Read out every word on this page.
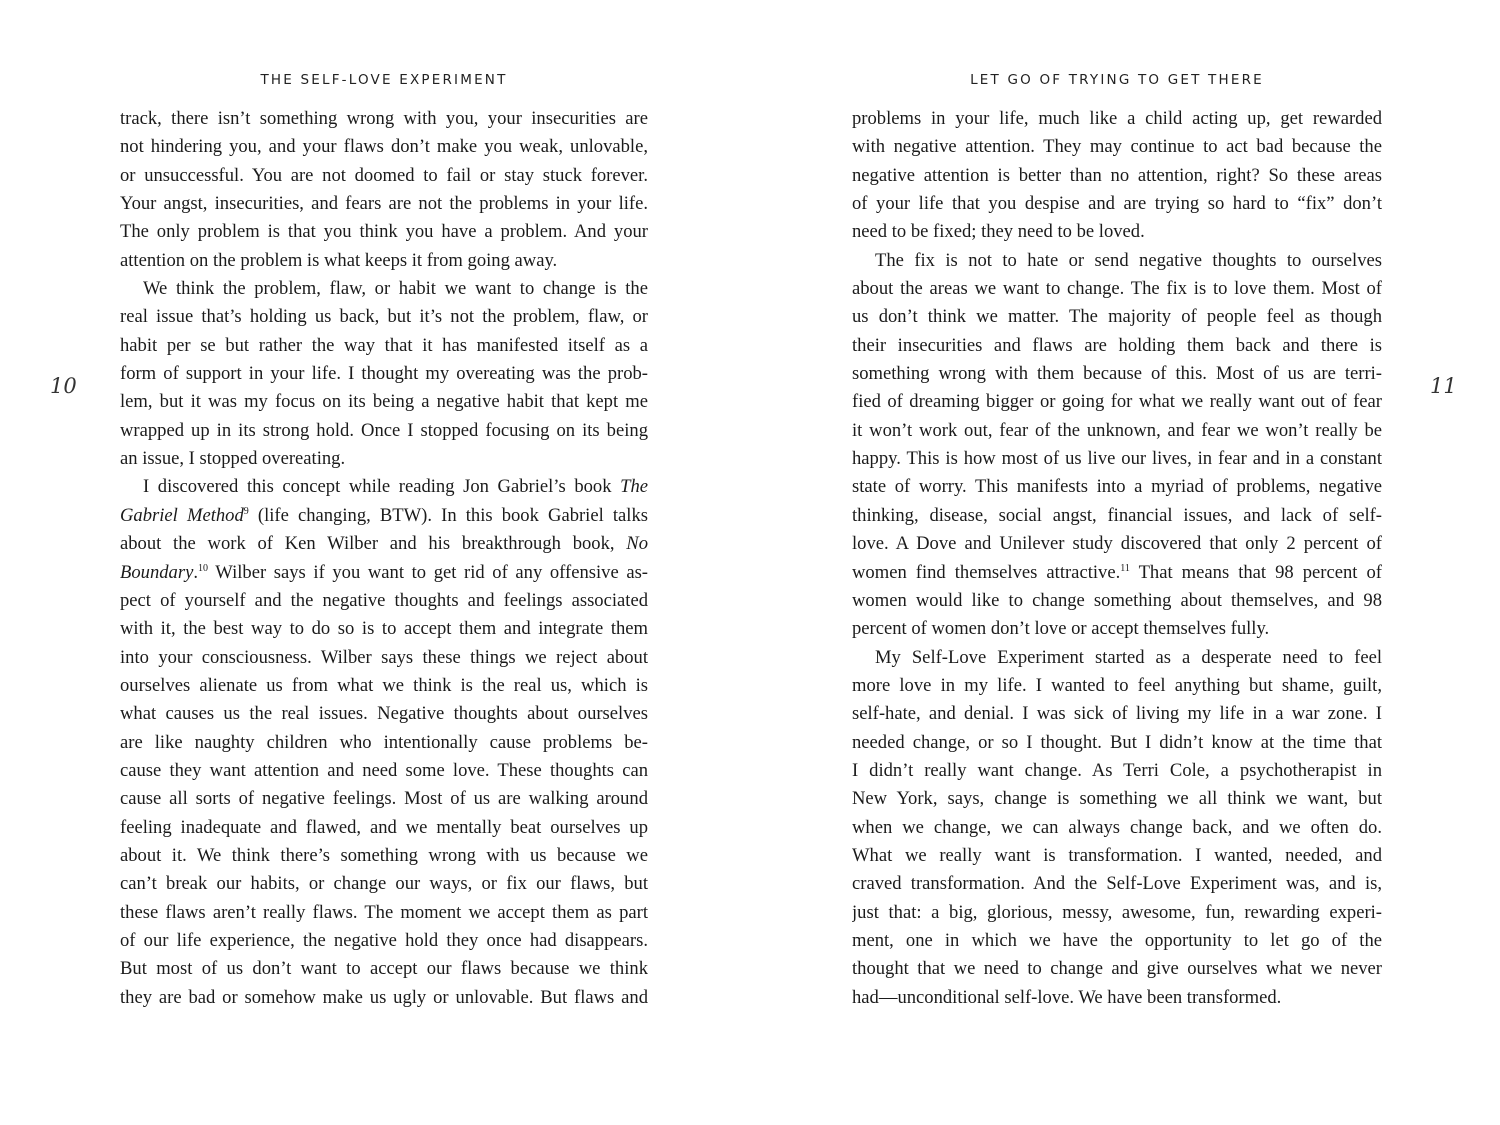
THE SELF-LOVE EXPERIMENT	LET GO OF TRYING TO GET THERE
10	11
track, there isn’t something wrong with you, your insecurities are
not hindering you, and your flaws don’t make you weak, unlovable,
or unsuccessful. You are not doomed to fail or stay stuck forever.
Your angst, insecurities, and fears are not the problems in your life.
The only problem is that you think you have a problem. And your
attention on the problem is what keeps it from going away.
We think the problem, flaw, or habit we want to change is the
real issue that’s holding us back, but it’s not the problem, flaw, or
habit per se but rather the way that it has manifested itself as a
form of support in your life. I thought my overeating was the prob-
lem, but it was my focus on its being a negative habit that kept me
wrapped up in its strong hold. Once I stopped focusing on its being
an issue, I stopped overeating.
I discovered this concept while reading Jon Gabriel’s book The
Gabriel Method$^9$ (life changing, BTW). In this book Gabriel talks
about the work of Ken Wilber and his breakthrough book, No
Boundary.$^{10}$ Wilber says if you want to get rid of any offensive as-
pect of yourself and the negative thoughts and feelings associated
with it, the best way to do so is to accept them and integrate them
into your consciousness. Wilber says these things we reject about
ourselves alienate us from what we think is the real us, which is
what causes us the real issues. Negative thoughts about ourselves
are like naughty children who intentionally cause problems be-
cause they want attention and need some love. These thoughts can
cause all sorts of negative feelings. Most of us are walking around
feeling inadequate and flawed, and we mentally beat ourselves up
about it. We think there’s something wrong with us because we
can’t break our habits, or change our ways, or fix our flaws, but
these flaws aren’t really flaws. The moment we accept them as part
of our life experience, the negative hold they once had disappears.
But most of us don’t want to accept our flaws because we think
they are bad or somehow make us ugly or unlovable. But flaws and
problems in your life, much like a child acting up, get rewarded
with negative attention. They may continue to act bad because the
negative attention is better than no attention, right? So these areas
of your life that you despise and are trying so hard to “fix” don’t
need to be fixed; they need to be loved.
The fix is not to hate or send negative thoughts to ourselves
about the areas we want to change. The fix is to love them. Most of
us don’t think we matter. The majority of people feel as though
their insecurities and flaws are holding them back and there is
something wrong with them because of this. Most of us are terri-
fied of dreaming bigger or going for what we really want out of fear
it won’t work out, fear of the unknown, and fear we won’t really be
happy. This is how most of us live our lives, in fear and in a constant
state of worry. This manifests into a myriad of problems, negative
thinking, disease, social angst, financial issues, and lack of self-
love. A Dove and Unilever study discovered that only 2 percent of
women find themselves attractive.$^{11}$ That means that 98 percent of
women would like to change something about themselves, and 98
percent of women don’t love or accept themselves fully.
My Self-Love Experiment started as a desperate need to feel
more love in my life. I wanted to feel anything but shame, guilt,
self-hate, and denial. I was sick of living my life in a war zone. I
needed change, or so I thought. But I didn’t know at the time that
I didn’t really want change. As Terri Cole, a psychotherapist in
New York, says, change is something we all think we want, but
when we change, we can always change back, and we often do.
What we really want is transformation. I wanted, needed, and
craved transformation. And the Self-Love Experiment was, and is,
just that: a big, glorious, messy, awesome, fun, rewarding experi-
ment, one in which we have the opportunity to let go of the
thought that we need to change and give ourselves what we never
had—unconditional self-love. We have been transformed.
